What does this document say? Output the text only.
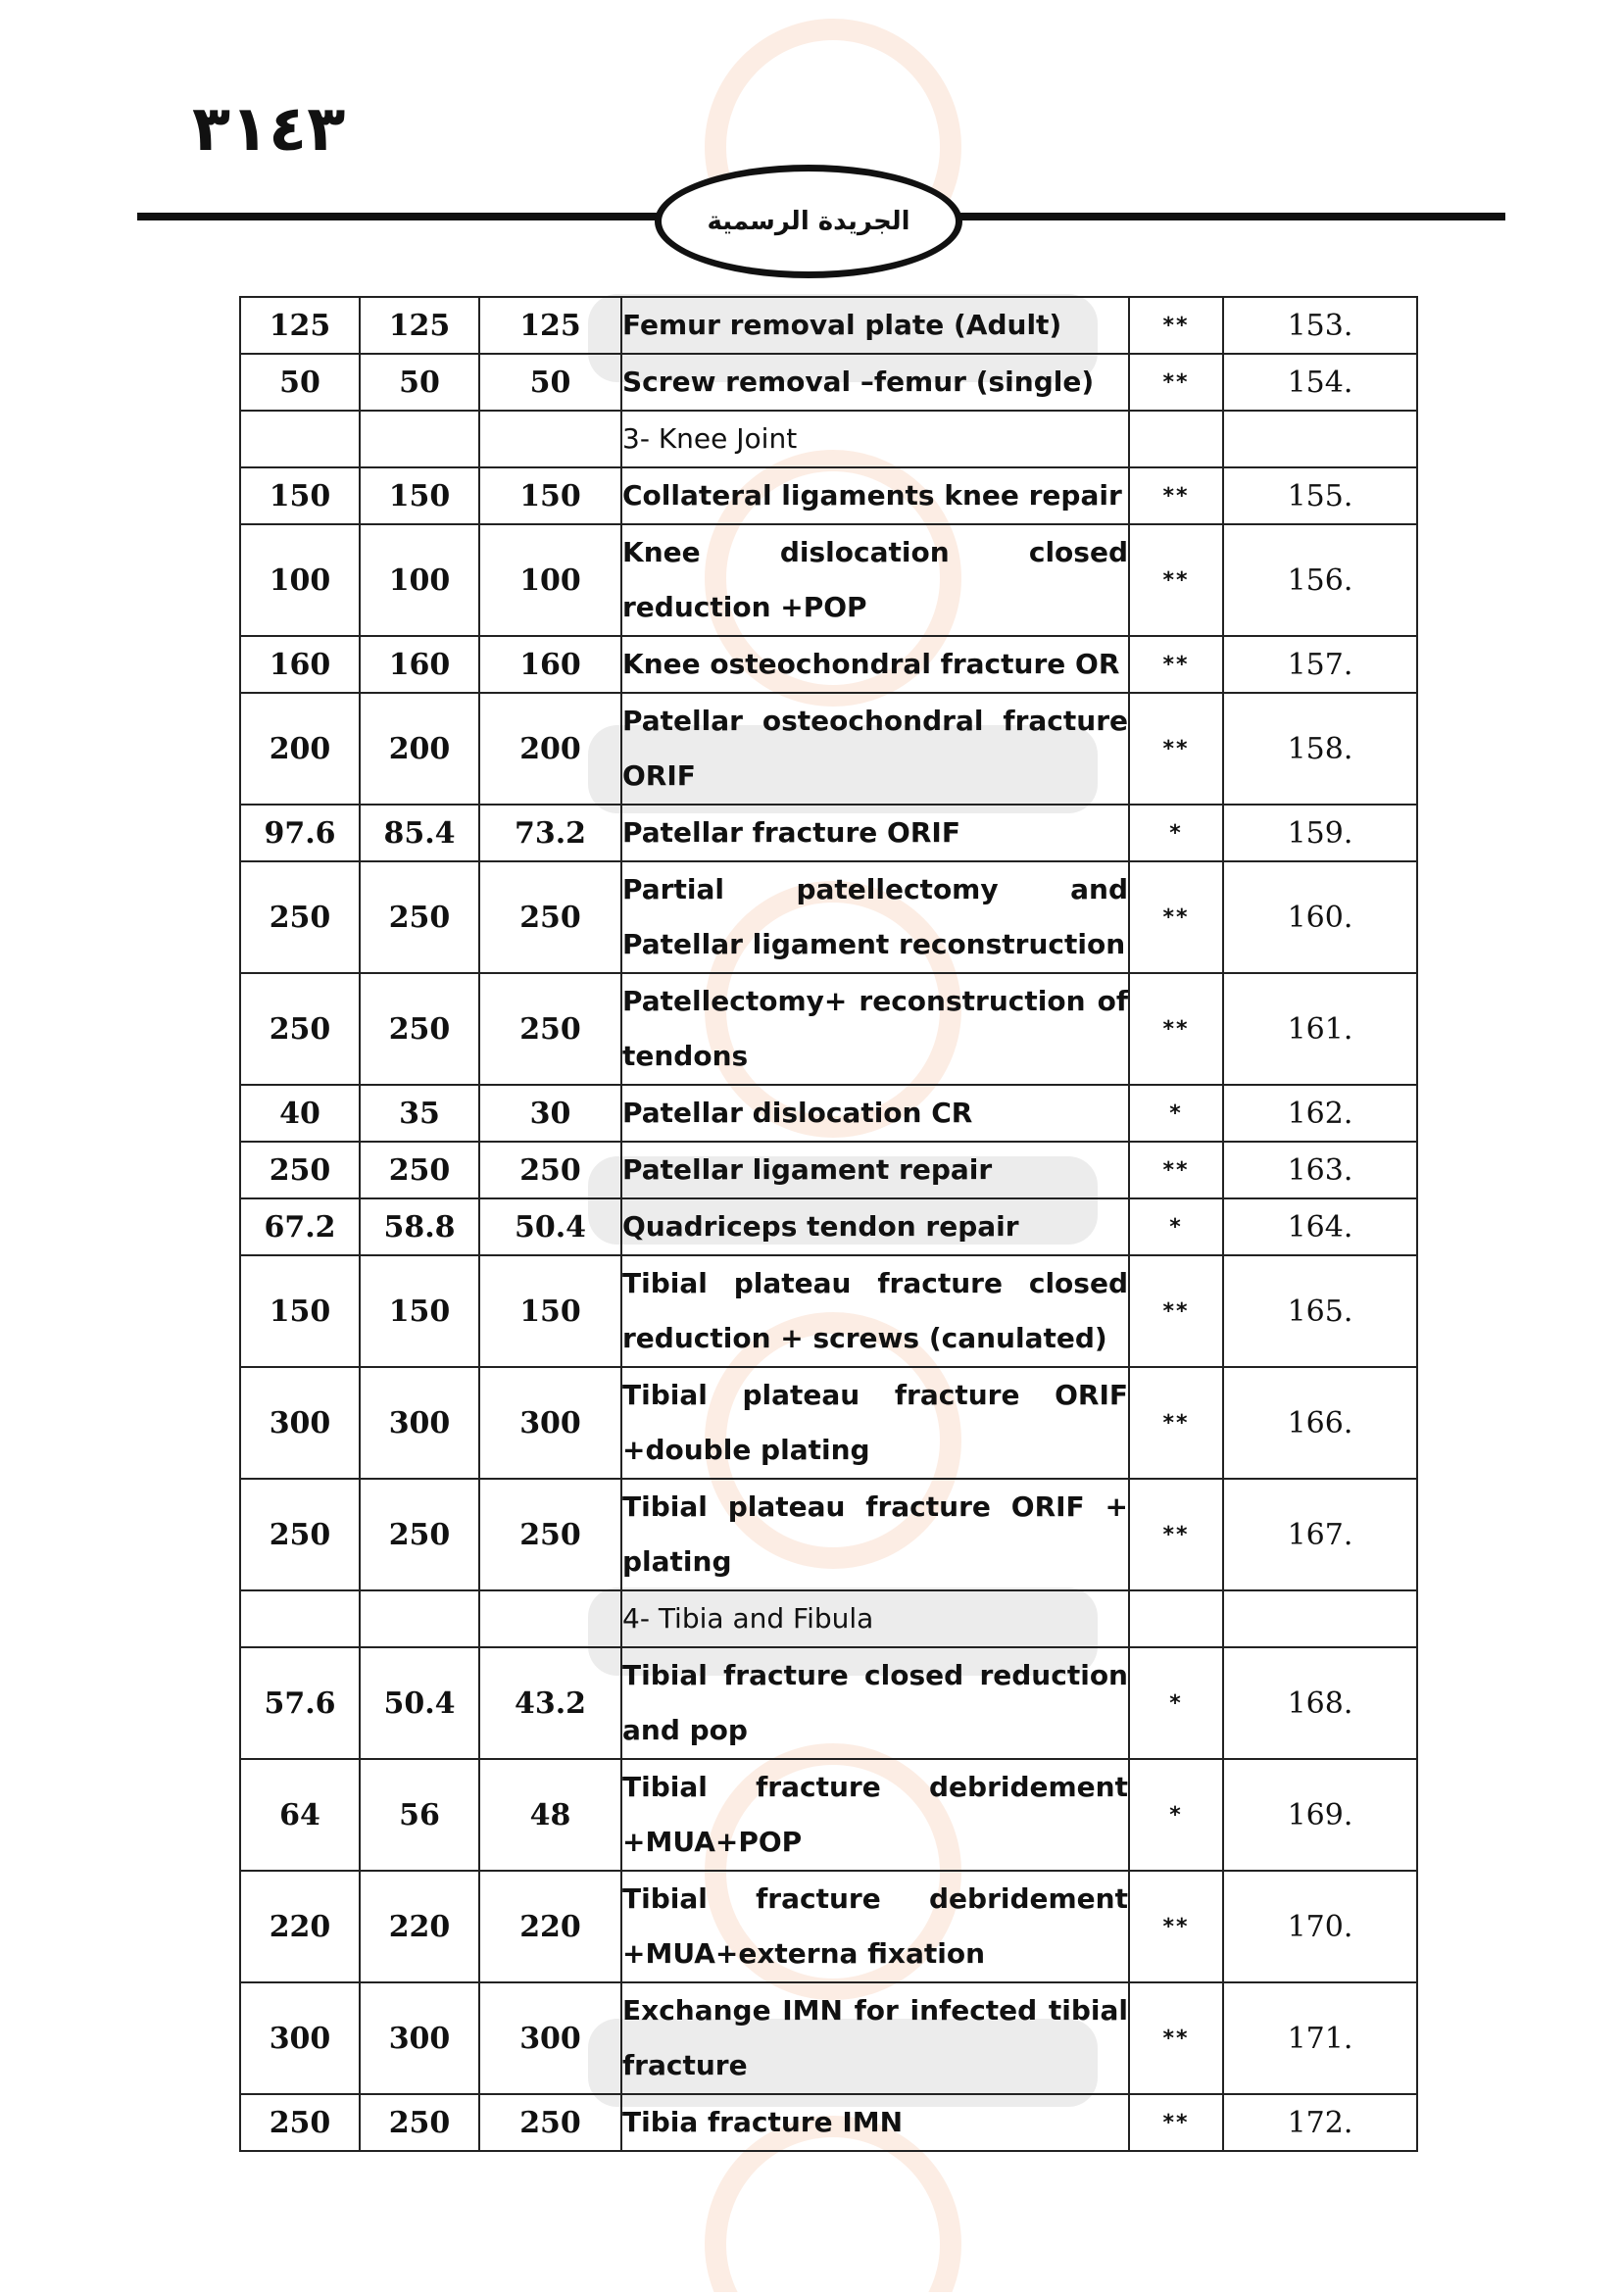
٣١٤٣
الجريدة الرسمية
125	125	125	Femur removal plate (Adult)	**	153.
50	50	50	Screw removal –femur (single)	**	154.
			3- Knee Joint		
150	150	150	Collateral ligaments knee repair	**	155.
100	100	100	Knee dislocation closed reduction +POP	**	156.
160	160	160	Knee osteochondral fracture OR	**	157.
200	200	200	Patellar osteochondral fracture ORIF	**	158.
97.6	85.4	73.2	Patellar fracture ORIF	*	159.
250	250	250	Partial patellectomy and Patellar ligament reconstruction	**	160.
250	250	250	Patellectomy+ reconstruction of tendons	**	161.
40	35	30	Patellar dislocation CR	*	162.
250	250	250	Patellar ligament repair	**	163.
67.2	58.8	50.4	Quadriceps tendon repair	*	164.
150	150	150	Tibial plateau fracture closed reduction + screws (canulated)	**	165.
300	300	300	Tibial plateau fracture ORIF +double plating	**	166.
250	250	250	Tibial plateau fracture ORIF + plating	**	167.
			4- Tibia and Fibula		
57.6	50.4	43.2	Tibial fracture closed reduction and pop	*	168.
64	56	48	Tibial fracture debridement +MUA+POP	*	169.
220	220	220	Tibial fracture debridement +MUA+externa fixation	**	170.
300	300	300	Exchange IMN for infected tibial fracture	**	171.
250	250	250	Tibia fracture IMN	**	172.
